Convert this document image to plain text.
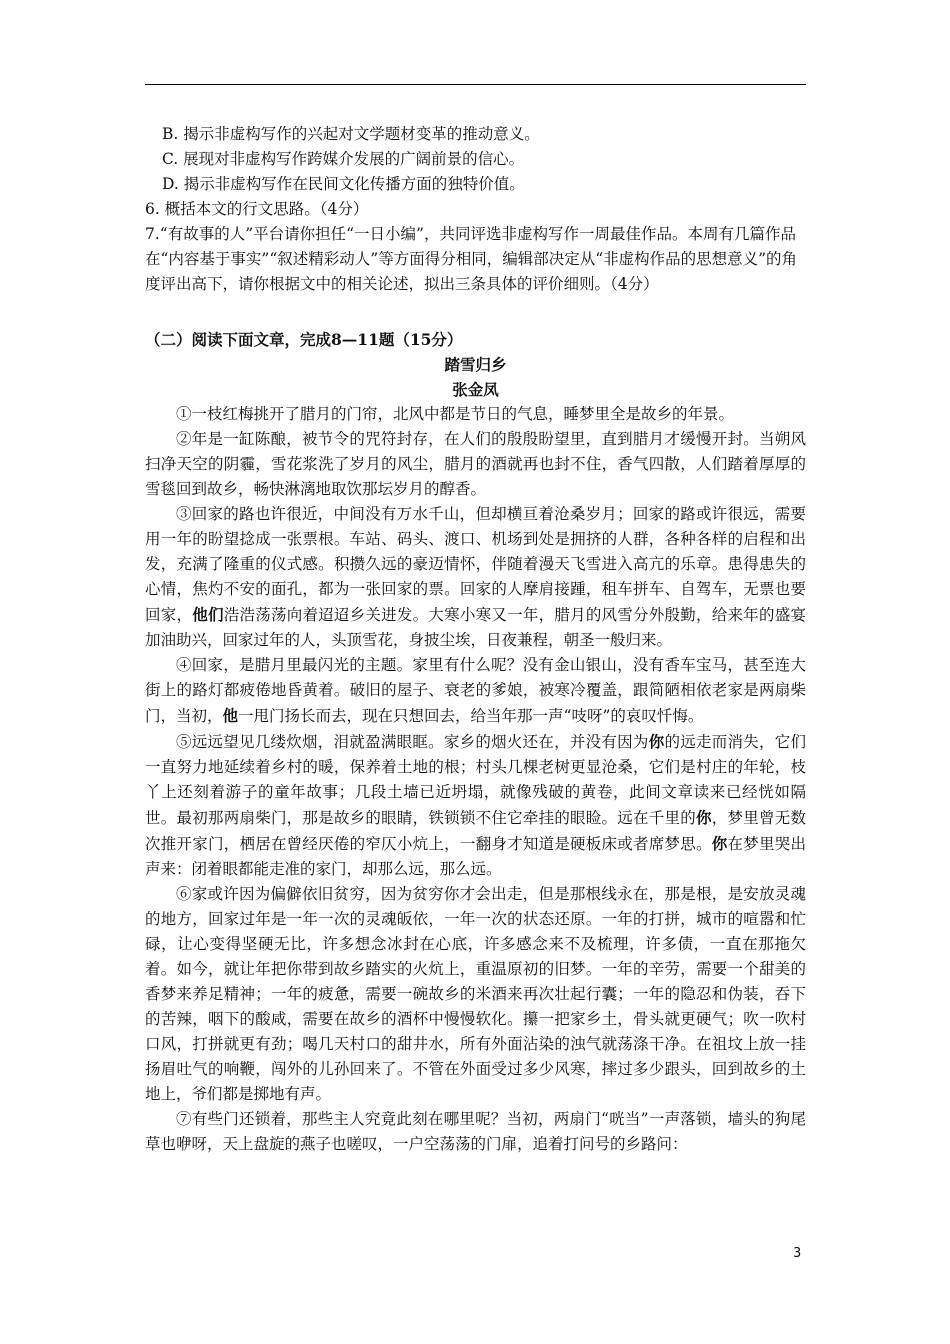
B. 揭示非虚构写作的兴起对文学题材变革的推动意义。

C. 展现对非虚构写作跨媒介发展的广阔前景的信心。

D. 揭示非虚构写作在民间文化传播方面的独特价值。

6. 概括本文的行文思路。（4分）

7.“有故事的人”平台请你担任“一日小编”，共同评选非虚构写作一周最佳作品。本周有几篇作品在“内容基于事实”“叙述精彩动人”等方面得分相同，编辑部决定从“非虚构作品的思想意义”的角度评出高下，请你根据文中的相关论述，拟出三条具体的评价细则。（4分）

（二）阅读下面文章，完成8—11题（15分）

踏雪归乡

张金凤

①一枝红梅挑开了腊月的门帘，北风中都是节日的气息，睡梦里全是故乡的年景。

②年是一缸陈酿，被节令的咒符封存，在人们的殷殷盼望里，直到腊月才缓慢开封。当朔风扫净天空的阴霾，雪花浆洗了岁月的风尘，腊月的酒就再也封不住，香气四散，人们踏着厚厚的雪毯回到故乡，畅快淋漓地取饮那坛岁月的醇香。

③回家的路也许很近，中间没有万水千山，但却横亘着沧桑岁月；回家的路或许很远，需要用一年的盼望捻成一张票根。车站、码头、渡口、机场到处是拥挤的人群，各种各样的启程和出发，充满了隆重的仪式感。积攒久远的豪迈情怀，伴随着漫天飞雪进入高亢的乐章。患得患失的心情，焦灼不安的面孔，都为一张回家的票。回家的人摩肩接踵，租车拼车、自驾车，无票也要回家，他们浩浩荡荡向着迢迢乡关进发。大寒小寒又一年，腊月的风雪分外殷勤，给来年的盛宴加油助兴，回家过年的人，头顶雪花，身披尘埃，日夜兼程，朝圣一般归来。

④回家，是腊月里最闪光的主题。家里有什么呢？没有金山银山，没有香车宝马，甚至连大街上的路灯都疲倦地昏黄着。破旧的屋子、衰老的爹娘，被寒冷覆盖，跟简陋相依老家是两扇柴门，当初，他一甩门扬长而去，现在只想回去，给当年那一声“吱呀”的哀叹忏悔。

⑤远远望见几缕炊烟，泪就盈满眼眶。家乡的烟火还在，并没有因为你的远走而消失，它们一直努力地延续着乡村的暖，保养着土地的根；村头几棵老树更显沧桑，它们是村庄的年轮，枝丫上还刻着游子的童年故事；几段土墙已近坍塌，就像残破的黄卷，此间文章读来已经恍如隔世。最初那两扇柴门，那是故乡的眼睛，铁锁锁不住它牵挂的眼睑。远在千里的你，梦里曾无数次推开家门，栖居在曾经厌倦的窄仄小炕上，一翻身才知道是硬板床或者席梦思。你在梦里哭出声来：闭着眼都能走准的家门，却那么远，那么远。

⑥家或许因为偏僻依旧贫穷，因为贫穷你才会出走，但是那根线永在，那是根，是安放灵魂的地方，回家过年是一年一次的灵魂皈依，一年一次的状态还原。一年的打拼，城市的喧嚣和忙碌，让心变得坚硬无比，许多想念冰封在心底，许多感念来不及梳理，许多债，一直在那拖欠着。如今，就让年把你带到故乡踏实的火炕上，重温原初的旧梦。一年的辛劳，需要一个甜美的香梦来养足精神；一年的疲惫，需要一碗故乡的米酒来再次壮起行囊；一年的隐忍和伪装，吞下的苦辣，咽下的酸咸，需要在故乡的酒杯中慢慢软化。攥一把家乡土，骨头就更硬气；吹一吹村口风，打拼就更有劲；喝几天村口的甜井水，所有外面沾染的浊气就荡涤干净。在祖坟上放一挂扬眉吐气的响鞭，闯外的儿孙回来了。不管在外面受过多少风寒，摔过多少跟头，回到故乡的土地上，爷们都是掷地有声。

⑦有些门还锁着，那些主人究竟此刻在哪里呢？当初，两扇门“咣当”一声落锁，墙头的狗尾草也咿呀，天上盘旋的燕子也嗟叹，一户空荡荡的门扉，追着打问号的乡路问：

3
